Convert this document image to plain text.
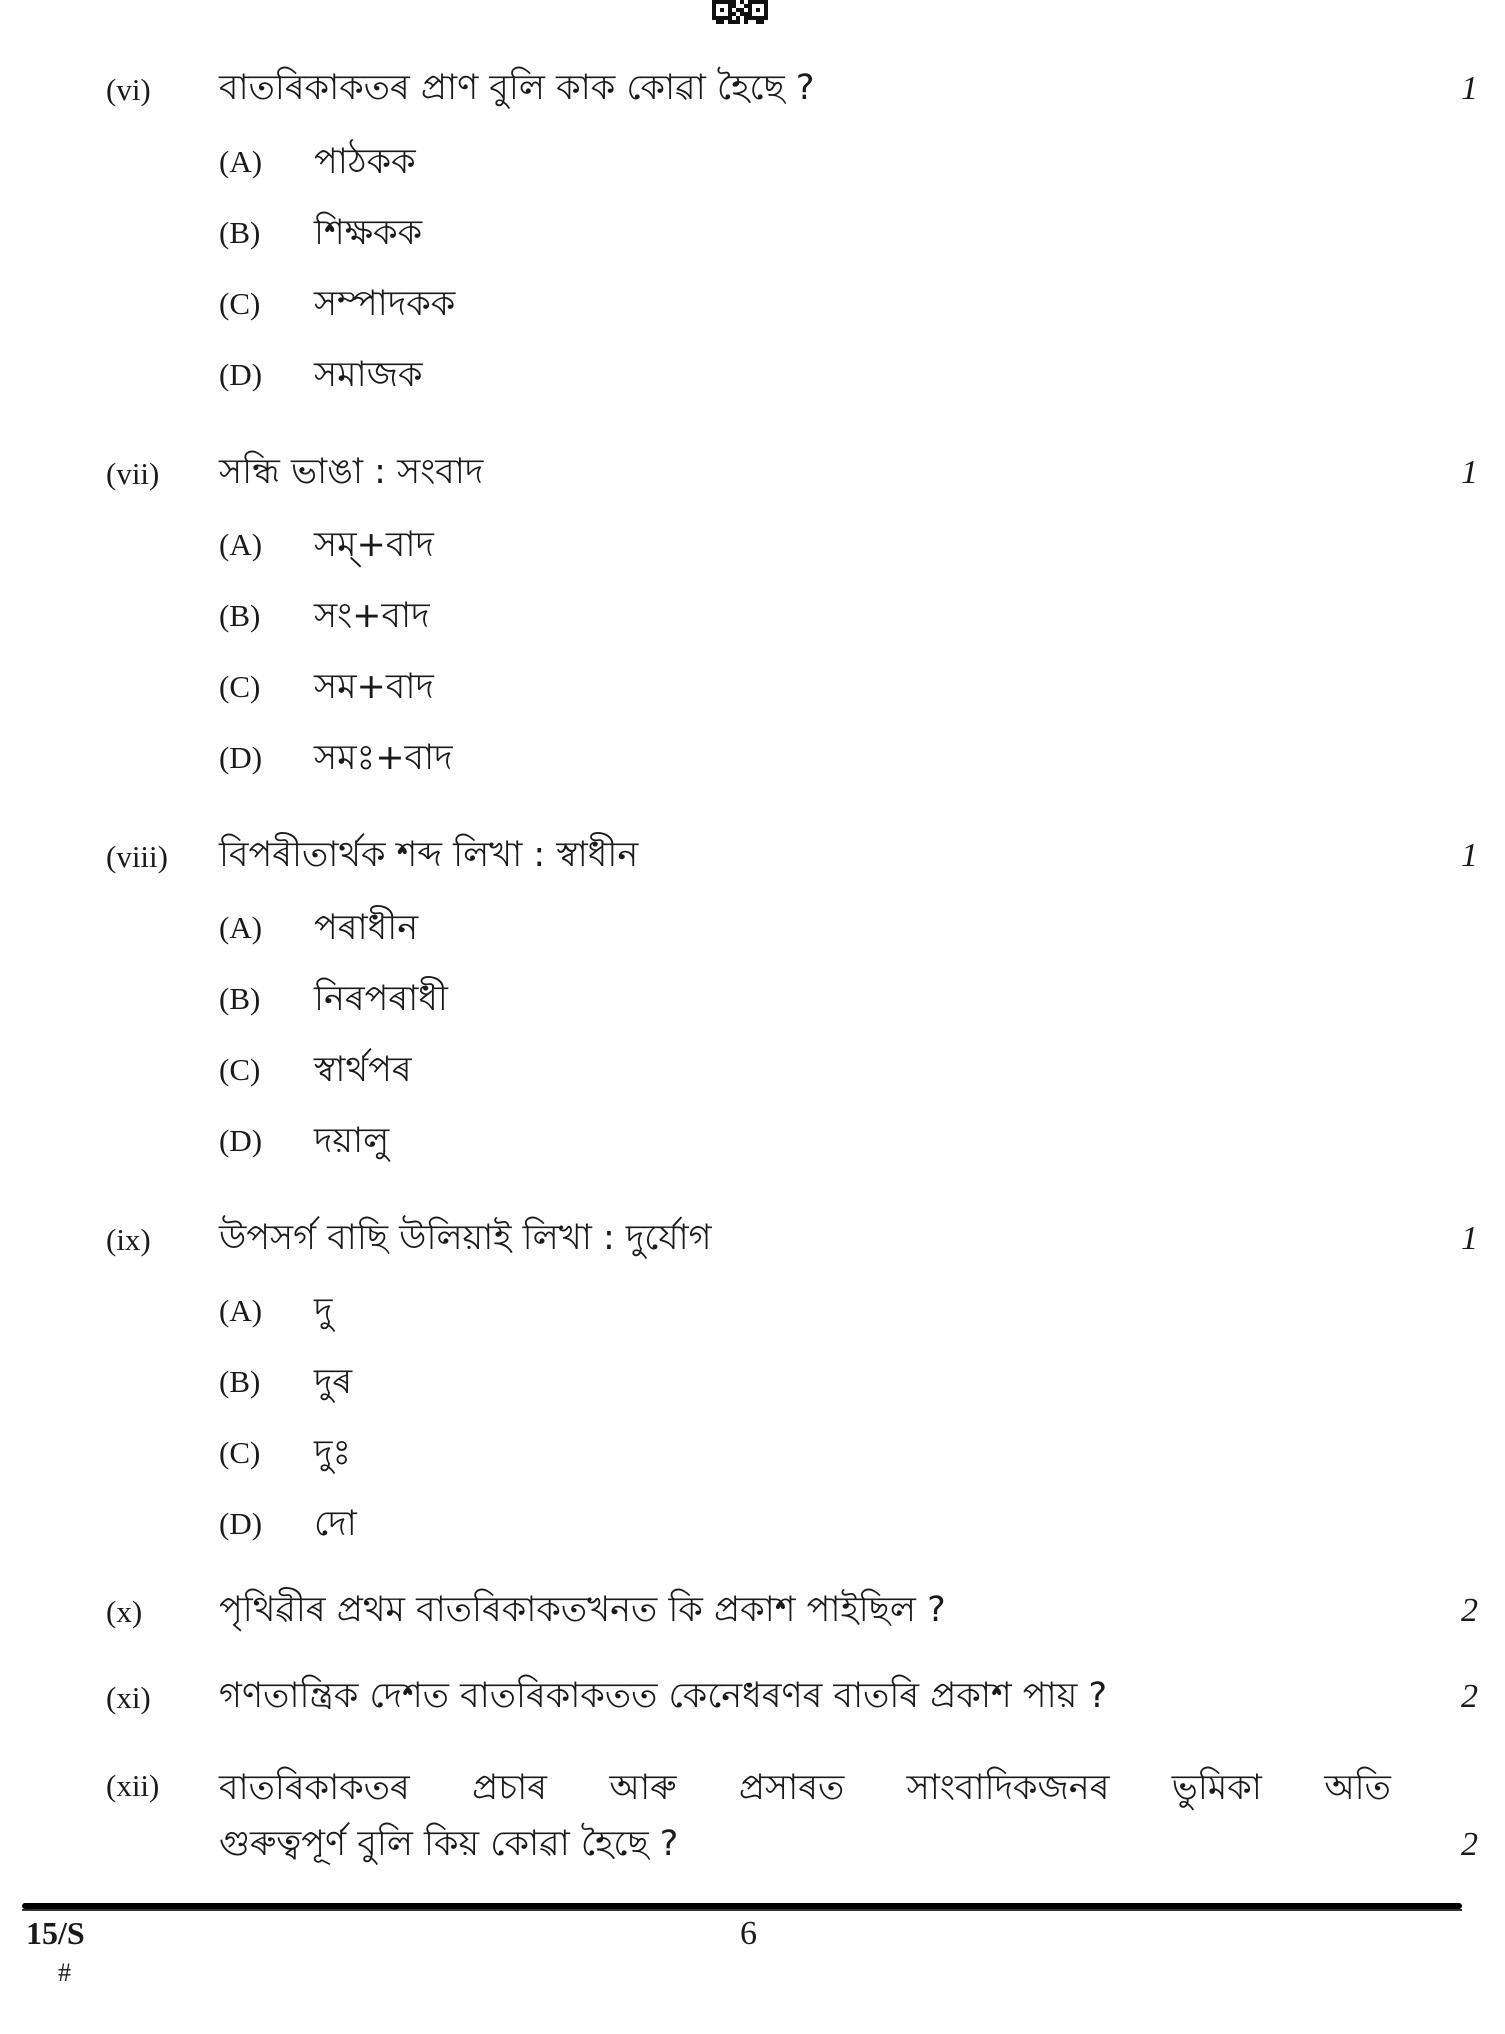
(vi) বাতৰিকাকতৰ প্ৰাণ বুলি কাক কোৱা হৈছে ?	1
(A) পাঠকক
(B) শিক্ষকক
(C) সম্পাদকক
(D) সমাজক
(vii) সন্ধি ভাঙা : সংবাদ	1
(A) সম্+বাদ
(B) সং+বাদ
(C) সম+বাদ
(D) সমঃ+বাদ
(viii) বিপৰীতাৰ্থক শব্দ লিখা : স্বাধীন	1
(A) পৰাধীন
(B) নিৰপৰাধী
(C) স্বাৰ্থপৰ
(D) দয়ালু
(ix) উপসৰ্গ বাছি উলিয়াই লিখা : দুৰ্যোগ	1
(A) দু
(B) দুৰ
(C) দুঃ
(D) দো
(x) পৃথিৱীৰ প্ৰথম বাতৰিকাকতখনত কি প্ৰকাশ পাইছিল ?	2
(xi) গণতান্ত্ৰিক দেশত বাতৰিকাকতত কেনেধৰণৰ বাতৰি প্ৰকাশ পায় ?	2
(xii) বাতৰিকাকতৰ প্ৰচাৰ আৰু প্ৰসাৰত সাংবাদিকজনৰ ভুমিকা অতি
গুৰুত্বপূৰ্ণ বুলি কিয় কোৱা হৈছে ?	2
15/S
#
6
